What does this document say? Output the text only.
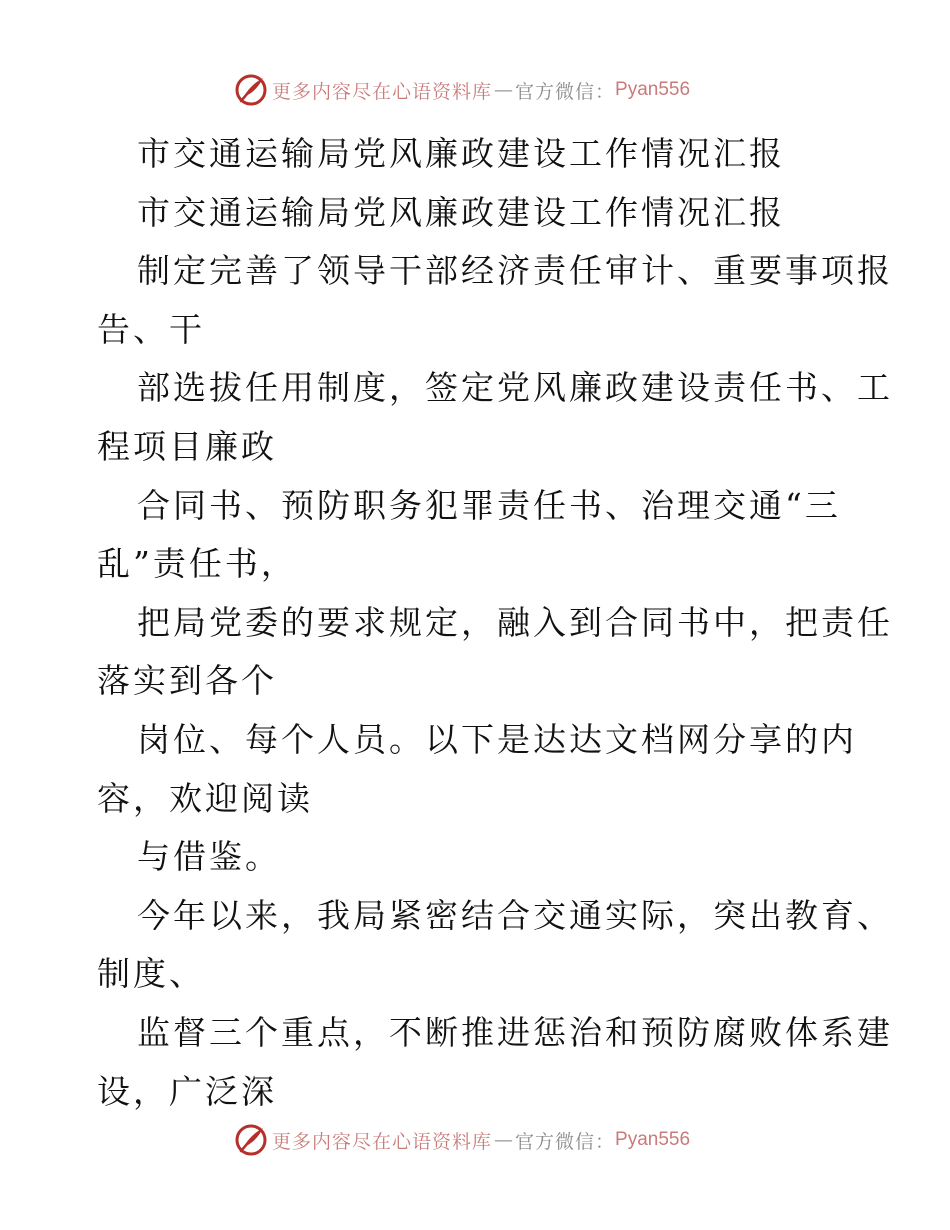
更多内容尽在心语资料库 — 官方微信： Pyan556
市交通运输局党风廉政建设工作情况汇报
市交通运输局党风廉政建设工作情况汇报
制定完善了领导干部经济责任审计、重要事项报
告、干
部选拔任用制度，签定党风廉政建设责任书、工
程项目廉政
合同书、预防职务犯罪责任书、治理交通“三
乱”责任书，
把局党委的要求规定，融入到合同书中，把责任
落实到各个
岗位、每个人员。以下是达达文档网分享的内
容，欢迎阅读
与借鉴。
今年以来，我局紧密结合交通实际，突出教育、
制度、
监督三个重点，不断推进惩治和预防腐败体系建
设，广泛深
更多内容尽在心语资料库 — 官方微信： Pyan556
